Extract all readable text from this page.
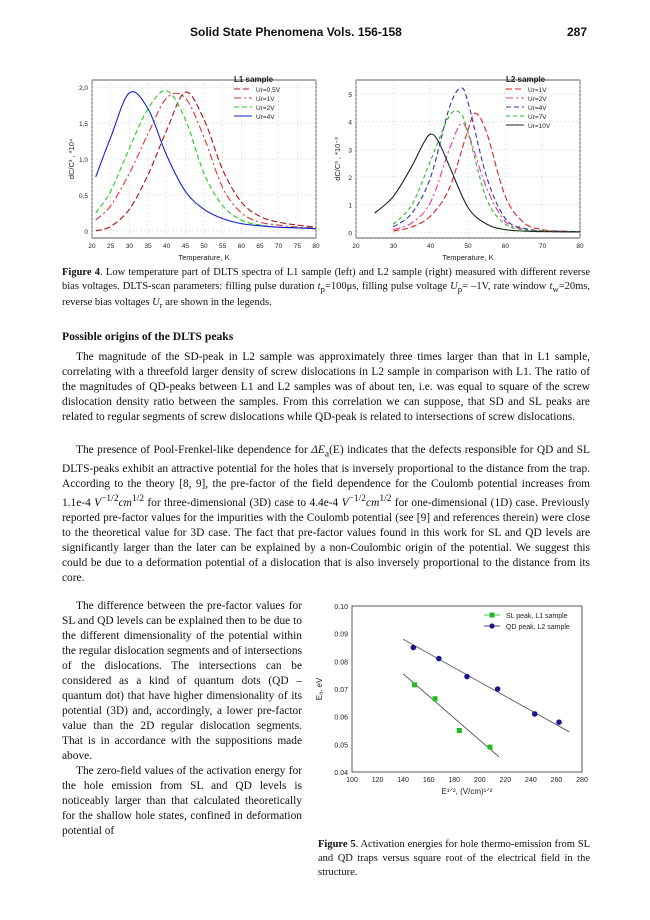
Solid State Phenomena Vols. 156-158	287
20 25 30 35 40 45 50 55 60 65 70 75 80
0
0,5
1,0
1,5
2,0
Temperature, K
dC/C³ , *10⁴
L1 sample
Ur=0,5V
Ur=1V
Ur=2V
Ur=4V
20	30	40	50	60	70	80
0
1
2
3
4
5
Temperature, K
dC/C³ , *10⁻³
L2 sample
Ur=1V
Ur=2V
Ur=4V
Ur=7V
Ur=10V
Figure 4. Low temperature part of DLTS spectra of L1 sample (left) and L2 sample (right) measured with different reverse bias voltages. DLTS-scan parameters: filling pulse duration $t_p=100\mu s$, filling pulse voltage $U_p= -1V$, rate window $t_w=20ms$, reverse bias voltages $U_r$ are shown in the legends.
Possible origins of the DLTS peaks

The magnitude of the SD-peak in L2 sample was approximately three times larger than that in L1 sample, correlating with a threefold larger density of screw dislocations in L2 sample in comparison with L1. The ratio of the magnitudes of QD-peaks between L1 and L2 samples was of about ten, i.e. was equal to square of the screw dislocation density ratio between the samples. From this correlation we can suppose, that SD and SL peaks are related to regular segments of screw dislocations while QD-peak is related to intersections of screw dislocations.

The presence of Pool-Frenkel-like dependence for $\Delta E_a(E)$ indicates that the defects responsible for QD and SL DLTS-peaks exhibit an attractive potential for the holes that is inversely proportional to the distance from the trap. According to the theory [8, 9], the pre-factor of the field dependence for the Coulomb potential increases from 1.1e-4 $V^{-1/2}cm^{1/2}$ for three-dimensional (3D) case to 4.4e-4 $V^{-1/2}cm^{1/2}$ for one-dimensional (1D) case. Previously reported pre-factor values for the impurities with the Coulomb potential (see [9] and references therein) were close to the theoretical value for 3D case. The fact that pre-factor values found in this work for SL and QD levels are significantly larger than the later can be explained by a non-Coulombic origin of the potential. We suggest this could be due to a deformation potential of a dislocation that is also inversely proportional to the distance from its core.

The difference between the pre-factor values for SL and QD levels can be explained then to be due to the different dimensionality of the potential within the regular dislocation segments and of intersections of the dislocations. The intersections can be considered as a kind of quantum dots (QD – quantum dot) that have higher dimensionality of its potential (3D) and, accordingly, a lower pre-factor value than the 2D regular dislocation segments. That is in accordance with the suppositions made above.

The zero-field values of the activation energy for the hole emission from SL and QD levels is noticeably larger than that calculated theoretically for the shallow hole states, confined in deformation potential of

100 120 140 160 180 200 220 240 260 280
0.04
0.05
0.06
0.07
0.08
0.09
0.10
E¹ᐟ², (V/cm)¹ᐟ²
Eₐ, eV
SL peak, L1 sample
QD peak, L2 sample
Figure 5. Activation energies for hole thermo-emission from SL and QD traps versus square root of the electrical field in the structure.
